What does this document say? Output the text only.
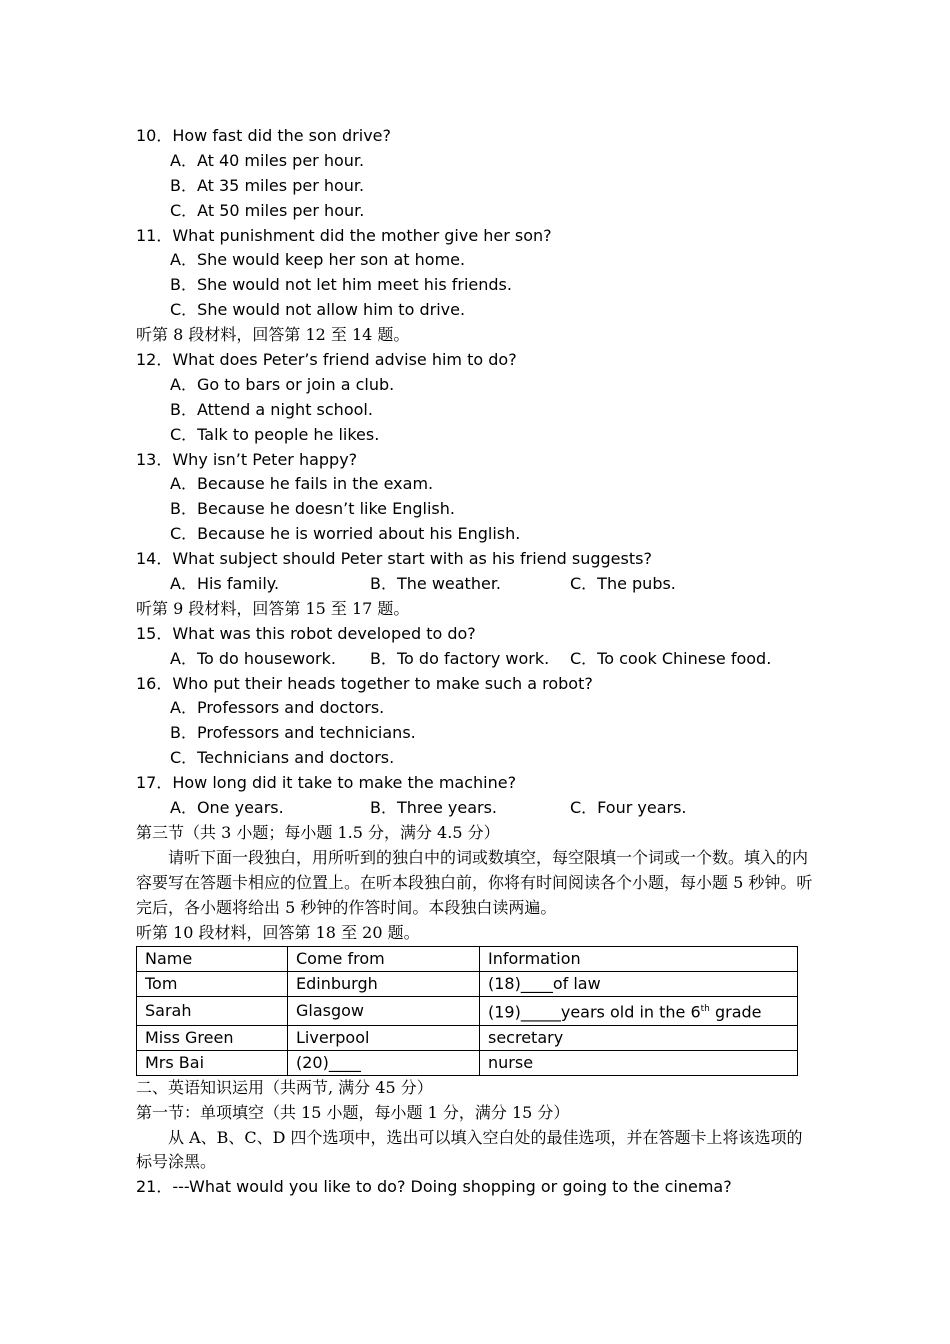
10．How fast did the son drive?
A．At 40 miles per hour.
B．At 35 miles per hour.
C．At 50 miles per hour.
11．What punishment did the mother give her son?
A．She would keep her son at home.
B．She would not let him meet his friends.
C．She would not allow him to drive.
听第 8 段材料，回答第 12 至 14 题。
12．What does Peter’s friend advise him to do?
A．Go to bars or join a club.
B．Attend a night school.
C．Talk to people he likes.
13．Why isn’t Peter happy?
A．Because he fails in the exam.
B．Because he doesn’t like English.
C．Because he is worried about his English.
14．What subject should Peter start with as his friend suggests?
A．His family.	B．The weather.	C．The pubs.
听第 9 段材料，回答第 15 至 17 题。
15．What was this robot developed to do?
A．To do housework.	B．To do factory work.	C．To cook Chinese food.
16．Who put their heads together to make such a robot?
A．Professors and doctors.
B．Professors and technicians.
C．Technicians and doctors.
17．How long did it take to make the machine?
A．One years.	B．Three years.	C．Four years.
第三节（共 3 小题；每小题 1.5 分，满分 4.5 分）
请听下面一段独白，用所听到的独白中的词或数填空，每空限填一个词或一个数。填入的内容要写在答题卡相应的位置上。在听本段独白前，你将有时间阅读各个小题，每小题 5 秒钟。听完后，各小题将给出 5 秒钟的作答时间。本段独白读两遍。
听第 10 段材料，回答第 18 至 20 题。
Name	Come from	Information
Tom	Edinburgh	(18)____of law
Sarah	Glasgow	(19)_____years old in the 6th grade
Miss Green	Liverpool	secretary
Mrs Bai	(20)____	nurse
二、英语知识运用（共两节, 满分 45 分）
第一节：单项填空（共 15 小题，每小题 1 分，满分 15 分）
从 A、B、C、D 四个选项中，选出可以填入空白处的最佳选项，并在答题卡上将该选项的标号涂黑。
21．---What would you like to do? Doing shopping or going to the cinema?
